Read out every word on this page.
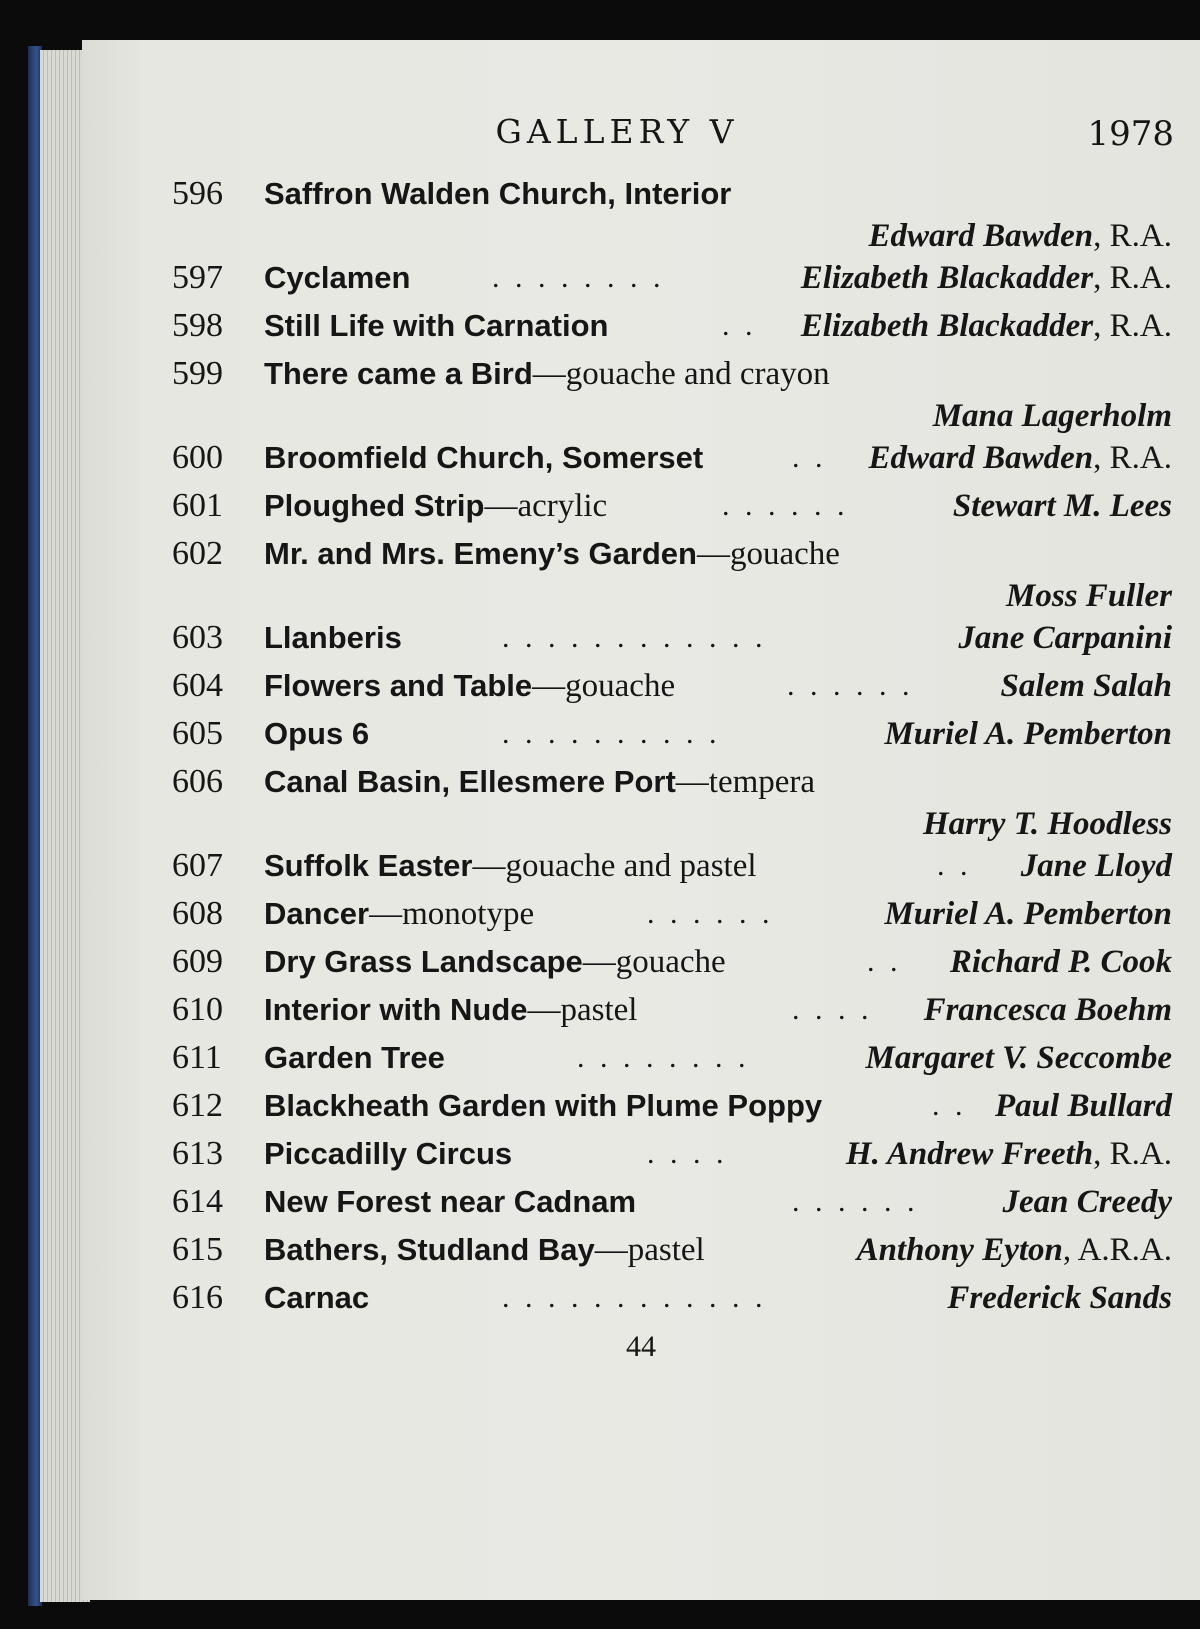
GALLERY V	1978
596	Saffron Walden Church, Interior
Edward Bawden, R.A.
597	Cyclamen	. . . . . . . .	Elizabeth Blackadder, R.A.
598	Still Life with Carnation	. . Elizabeth Blackadder, R.A.
599	There came a Bird—gouache and crayon
Mana Lagerholm
600	Broomfield Church, Somerset	. . Edward Bawden, R.A.
601	Ploughed Strip—acrylic	. . . . . .	Stewart M. Lees
602	Mr. and Mrs. Emeny’s Garden—gouache
Moss Fuller
603	Llanberis	. . . . . . . . . . . .	Jane Carpanini
604	Flowers and Table—gouache	. . . . . .	Salem Salah
605	Opus 6	. . . . . . . . . .	Muriel A. Pemberton
606	Canal Basin, Ellesmere Port—tempera
Harry T. Hoodless
607	Suffolk Easter—gouache and pastel	. . Jane Lloyd
608	Dancer—monotype	. . . . . .	Muriel A. Pemberton
609	Dry Grass Landscape—gouache	. . Richard P. Cook
610	Interior with Nude—pastel	. . . . Francesca Boehm
611	Garden Tree	. . . . . . . .	Margaret V. Seccombe
612	Blackheath Garden with Plume Poppy	. . Paul Bullard
613	Piccadilly Circus	. . . .	H. Andrew Freeth, R.A.
614	New Forest near Cadnam	. . . . . .	Jean Creedy
615	Bathers, Studland Bay—pastel	Anthony Eyton, A.R.A.
616	Carnac	. . . . . . . . . . . .	Frederick Sands
44
